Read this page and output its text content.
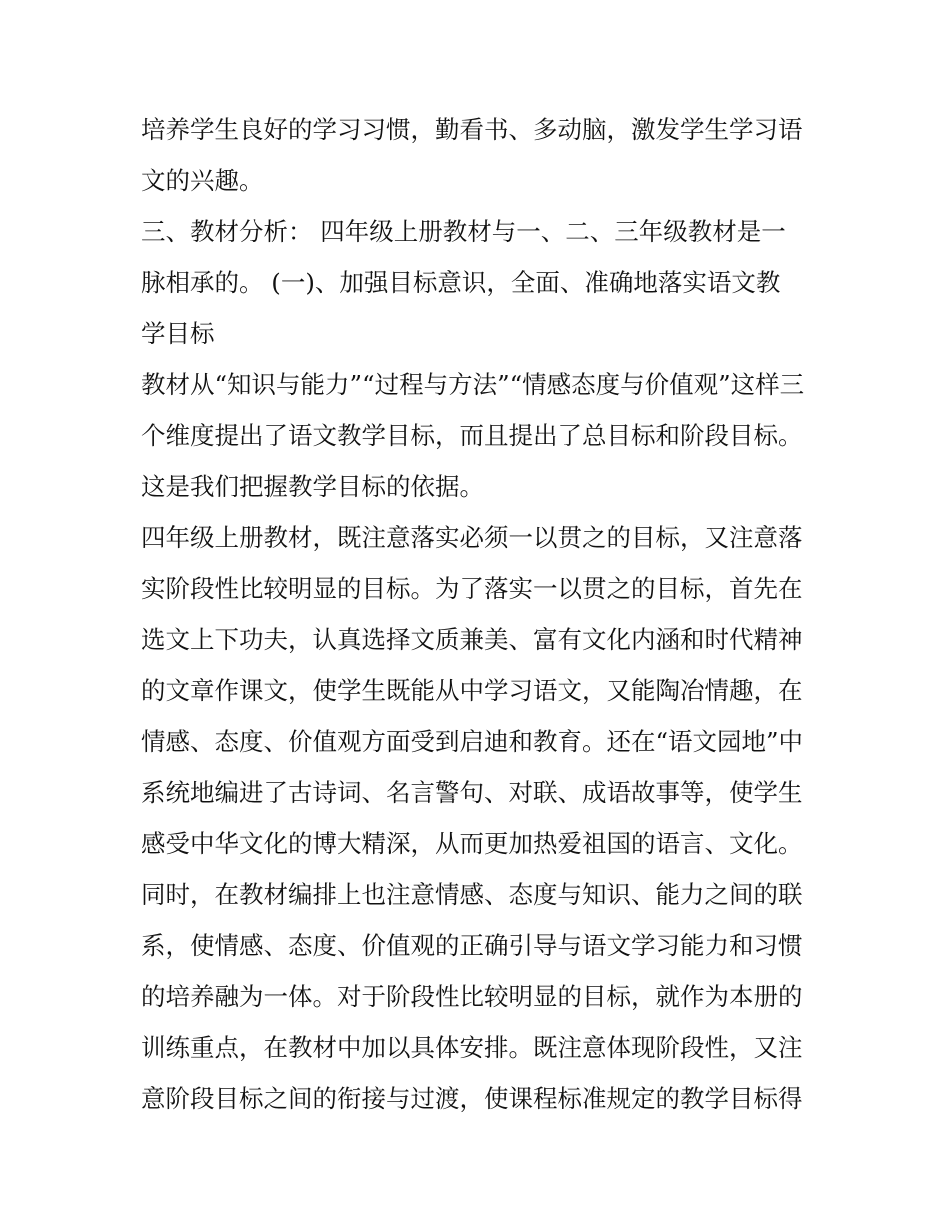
培养学生良好的学习习惯，勤看书、多动脑，激发学生学习语
文的兴趣。
三、教材分析： 四年级上册教材与一、二、三年级教材是一
脉相承的。 (一)、加强目标意识，全面、准确地落实语文教
学目标
教材从“知识与能力”“过程与方法”“情感态度与价值观”这样三
个维度提出了语文教学目标，而且提出了总目标和阶段目标。
这是我们把握教学目标的依据。
四年级上册教材，既注意落实必须一以贯之的目标，又注意落
实阶段性比较明显的目标。为了落实一以贯之的目标，首先在
选文上下功夫，认真选择文质兼美、富有文化内涵和时代精神
的文章作课文，使学生既能从中学习语文，又能陶冶情趣，在
情感、态度、价值观方面受到启迪和教育。还在“语文园地”中
系统地编进了古诗词、名言警句、对联、成语故事等，使学生
感受中华文化的博大精深，从而更加热爱祖国的语言、文化。
同时，在教材编排上也注意情感、态度与知识、能力之间的联
系，使情感、态度、价值观的正确引导与语文学习能力和习惯
的培养融为一体。对于阶段性比较明显的目标，就作为本册的
训练重点，在教材中加以具体安排。既注意体现阶段性，又注
意阶段目标之间的衔接与过渡，使课程标准规定的教学目标得
